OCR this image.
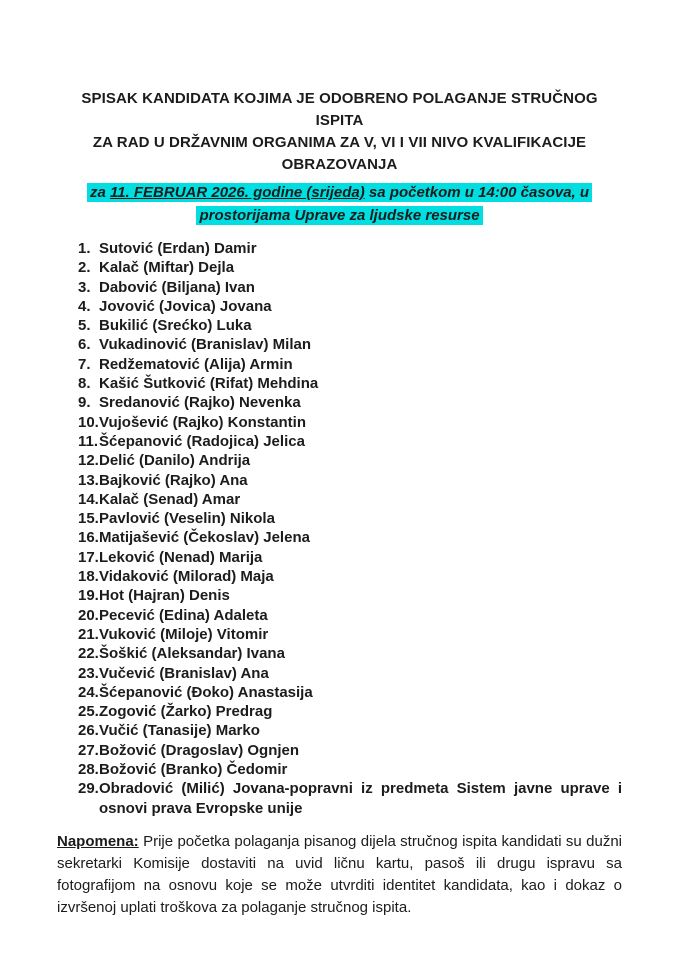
SPISAK KANDIDATA KOJIMA JE ODOBRENO POLAGANJE STRUČNOG ISPITA
ZA RAD U DRŽAVNIM ORGANIMA ZA V, VI I VII NIVO KVALIFIKACIJE
OBRAZOVANJA
za 11. FEBRUAR 2026. godine (srijeda) sa početkom u 14:00 časova, u
prostorijama Uprave za ljudske resurse
1. Sutović (Erdan) Damir
2. Kalač (Miftar) Dejla
3. Dabović (Biljana) Ivan
4. Jovović (Jovica) Jovana
5. Bukilić (Srećko) Luka
6. Vukadinović (Branislav) Milan
7. Redžematović (Alija) Armin
8. Kašić Šutković (Rifat) Mehdina
9. Sredanović (Rajko) Nevenka
10. Vujošević (Rajko) Konstantin
11. Šćepanović (Radojica) Jelica
12. Delić (Danilo) Andrija
13. Bajković (Rajko) Ana
14. Kalač (Senad) Amar
15. Pavlović (Veselin) Nikola
16. Matijašević (Čekoslav) Jelena
17. Leković (Nenad) Marija
18. Vidaković (Milorad) Maja
19. Hot (Hajran) Denis
20. Pecević (Edina) Adaleta
21. Vuković (Miloje) Vitomir
22. Šoškić (Aleksandar) Ivana
23. Vučević (Branislav) Ana
24. Šćepanović (Đoko) Anastasija
25. Zogović (Žarko) Predrag
26. Vučić (Tanasije) Marko
27. Božović (Dragoslav) Ognjen
28. Božović (Branko) Čedomir
29. Obradović (Milić) Jovana-popravni iz predmeta Sistem javne uprave i osnovi prava Evropske unije
Napomena: Prije početka polaganja pisanog dijela stručnog ispita kandidati su dužni sekretarki Komisije dostaviti na uvid ličnu kartu, pasoš ili drugu ispravu sa fotografijom na osnovu koje se može utvrditi identitet kandidata, kao i dokaz o izvršenoj uplati troškova za polaganje stručnog ispita.
